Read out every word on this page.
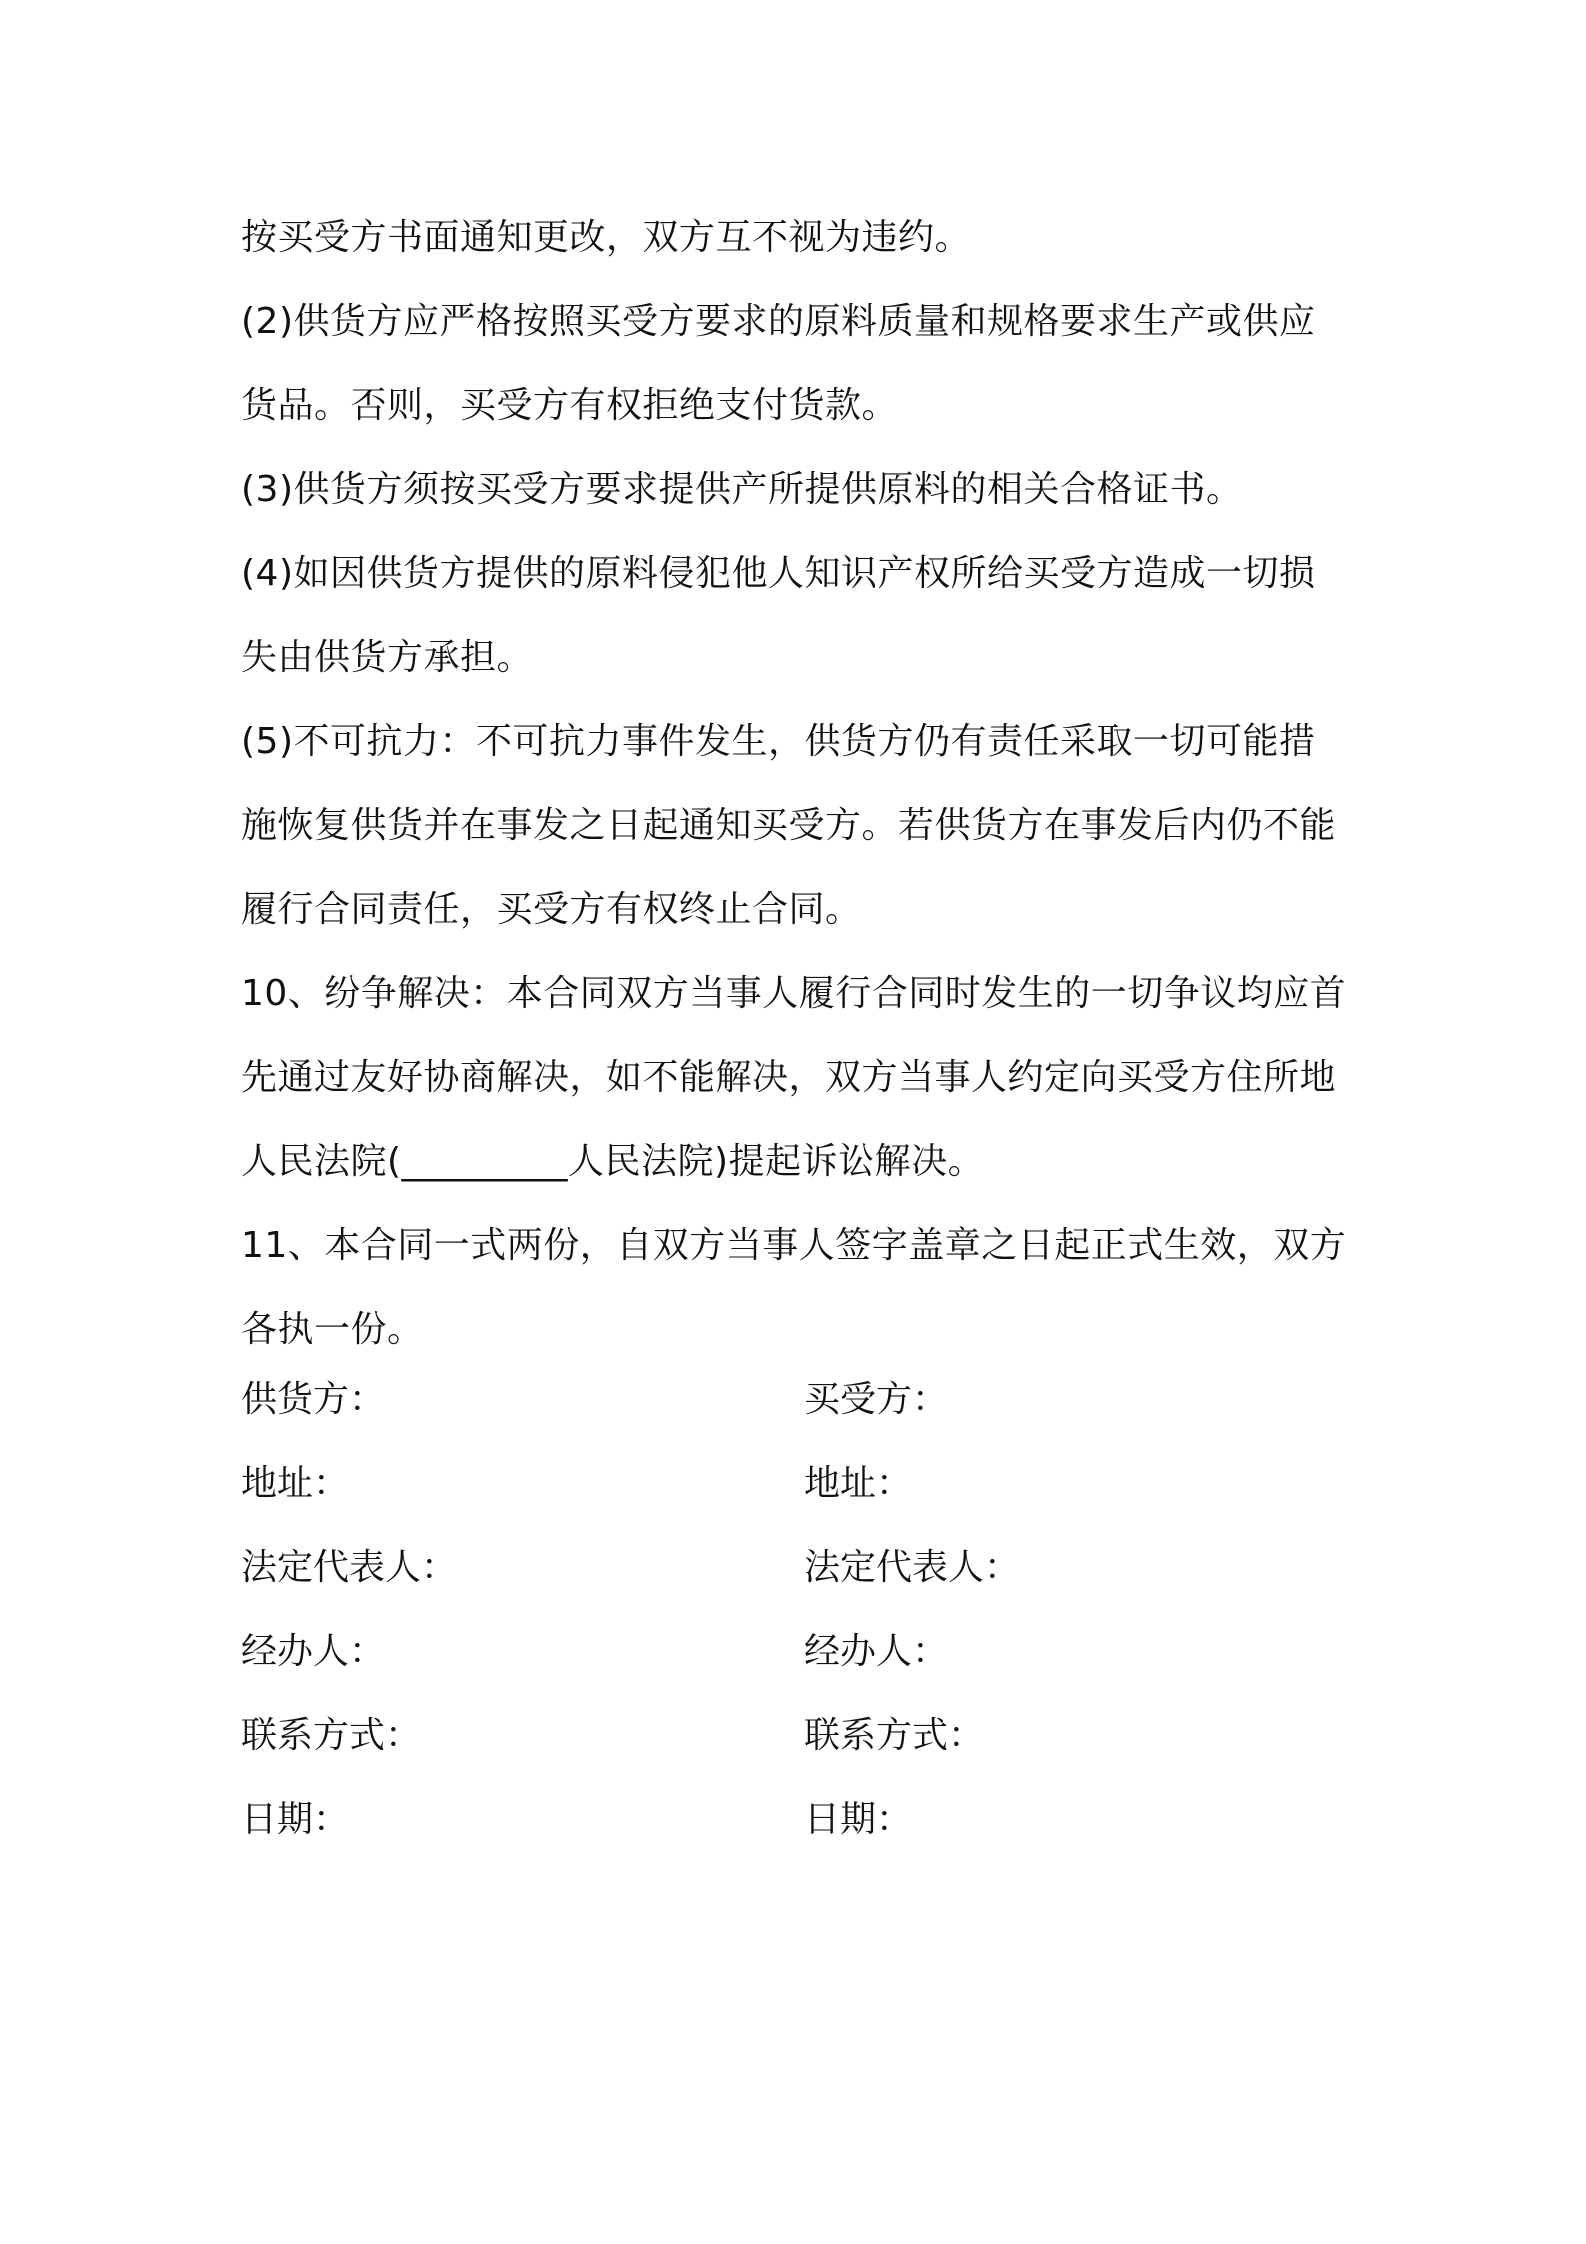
按买受方书面通知更改，双方互不视为违约。
(2)供货方应严格按照买受方要求的原料质量和规格要求生产或供应
货品。否则，买受方有权拒绝支付货款。
(3)供货方须按买受方要求提供产所提供原料的相关合格证书。
(4)如因供货方提供的原料侵犯他人知识产权所给买受方造成一切损
失由供货方承担。
(5)不可抗力：不可抗力事件发生，供货方仍有责任采取一切可能措
施恢复供货并在事发之日起通知买受方。若供货方在事发后内仍不能
履行合同责任，买受方有权终止合同。
10、纷争解决：本合同双方当事人履行合同时发生的一切争议均应首
先通过友好协商解决，如不能解决，双方当事人约定向买受方住所地
人民法院(_________人民法院)提起诉讼解决。
11、本合同一式两份，自双方当事人签字盖章之日起正式生效，双方
各执一份。
供货方：	买受方：
地址：	地址：
法定代表人：	法定代表人：
经办人：	经办人：
联系方式：	联系方式：
日期：	日期：
